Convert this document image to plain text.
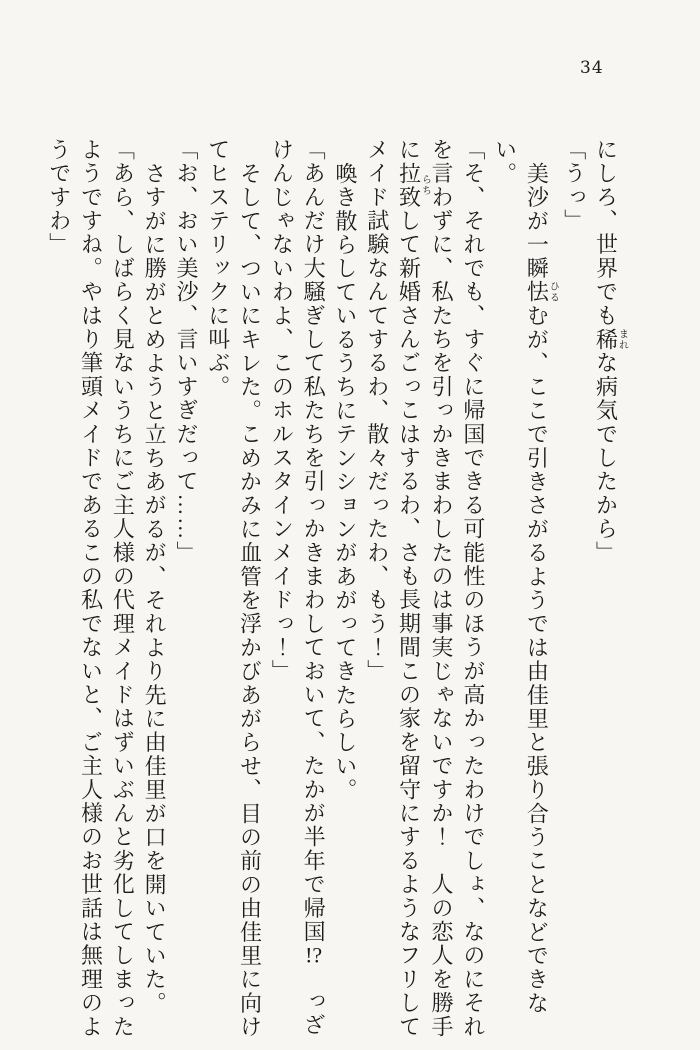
34

にしろ、世界でも稀まれな病気でしたから」

「うっ」

美沙が一瞬怯ひるむが、ここで引きさがるようでは由佳里と張り合うことなどできない。

「そ、それでも、すぐに帰国できる可能性のほうが高かったわけでしょ、なのにそれを言わずに、私たちを引っかきまわしたのは事実じゃないですか！　人の恋人を勝手に拉致らちして新婚さんごっこはするわ、さも長期間この家を留守にするようなフリしてメイド試験なんてするわ、散々だったわ、もう！」

喚き散らしているうちにテンションがあがってきたらしい。

「あんだけ大騒ぎして私たちを引っかきまわしておいて、たかが半年で帰国!?　っざけんじゃないわよ、このホルスタインメイドっ！」

そして、ついにキレた。こめかみに血管を浮かびあがらせ、目の前の由佳里に向けてヒステリックに叫ぶ。

「お、おい美沙、言いすぎだって……」

さすがに勝がとめようと立ちあがるが、それより先に由佳里が口を開いていた。

「あら、しばらく見ないうちにご主人様の代理メイドはずいぶんと劣化してしまったようですね。やはり筆頭メイドであるこの私でないと、ご主人様のお世話は無理のようですわ」
